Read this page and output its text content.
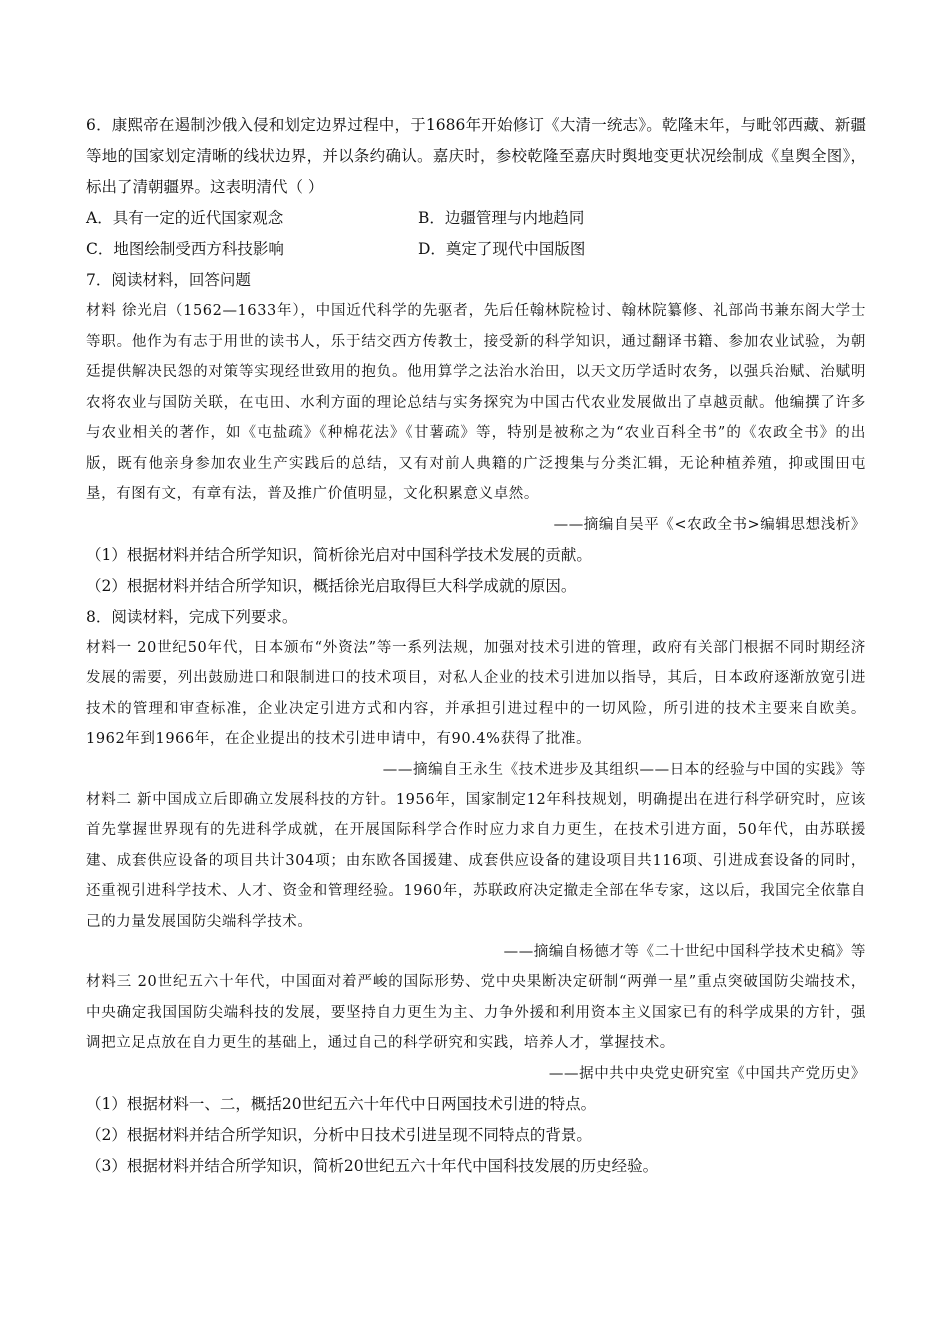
6．康熙帝在遏制沙俄入侵和划定边界过程中，于1686年开始修订《大清一统志》。乾隆末年，与毗邻西藏、新疆等地的国家划定清晰的线状边界，并以条约确认。嘉庆时，参校乾隆至嘉庆时舆地变更状况绘制成《皇舆全图》，标出了清朝疆界。这表明清代（ ）

A．具有一定的近代国家观念	B．边疆管理与内地趋同
C．地图绘制受西方科技影响	D．奠定了现代中国版图

7．阅读材料，回答问题

材料 徐光启（1562—1633年），中国近代科学的先驱者，先后任翰林院检讨、翰林院纂修、礼部尚书兼东阁大学士等职。他作为有志于用世的读书人，乐于结交西方传教士，接受新的科学知识，通过翻译书籍、参加农业试验，为朝廷提供解决民怨的对策等实现经世致用的抱负。他用算学之法治水治田，以天文历学适时农务，以强兵治赋、治赋明农将农业与国防关联，在屯田、水利方面的理论总结与实务探究为中国古代农业发展做出了卓越贡献。他编撰了许多与农业相关的著作，如《屯盐疏》《种棉花法》《甘薯疏》等，特别是被称之为“农业百科全书”的《农政全书》的出版，既有他亲身参加农业生产实践后的总结，又有对前人典籍的广泛搜集与分类汇辑，无论种植养殖，抑或围田屯垦，有图有文，有章有法，普及推广价值明显，文化积累意义卓然。

——摘编自吴平《<农政全书>编辑思想浅析》

（1）根据材料并结合所学知识，简析徐光启对中国科学技术发展的贡献。

（2）根据材料并结合所学知识，概括徐光启取得巨大科学成就的原因。

8．阅读材料，完成下列要求。

材料一 20世纪50年代，日本颁布“外资法”等一系列法规，加强对技术引进的管理，政府有关部门根据不同时期经济发展的需要，列出鼓励进口和限制进口的技术项目，对私人企业的技术引进加以指导，其后，日本政府逐渐放宽引进技术的管理和审查标准，企业决定引进方式和内容，并承担引进过程中的一切风险，所引进的技术主要来自欧美。1962年到1966年，在企业提出的技术引进申请中，有90.4%获得了批准。

——摘编自王永生《技术进步及其组织——日本的经验与中国的实践》等

材料二 新中国成立后即确立发展科技的方针。1956年，国家制定12年科技规划，明确提出在进行科学研究时，应该首先掌握世界现有的先进科学成就，在开展国际科学合作时应力求自力更生，在技术引进方面，50年代，由苏联援建、成套供应设备的项目共计304项；由东欧各国援建、成套供应设备的建设项目共116项、引进成套设备的同时，还重视引进科学技术、人才、资金和管理经验。1960年，苏联政府决定撤走全部在华专家，这以后，我国完全依靠自己的力量发展国防尖端科学技术。

——摘编自杨德才等《二十世纪中国科学技术史稿》等

材料三 20世纪五六十年代，中国面对着严峻的国际形势、党中央果断决定研制“两弹一星”重点突破国防尖端技术，中央确定我国国防尖端科技的发展，要坚持自力更生为主、力争外援和利用资本主义国家已有的科学成果的方针，强调把立足点放在自力更生的基础上，通过自己的科学研究和实践，培养人才，掌握技术。

——据中共中央党史研究室《中国共产党历史》

（1）根据材料一、二，概括20世纪五六十年代中日两国技术引进的特点。

（2）根据材料并结合所学知识，分析中日技术引进呈现不同特点的背景。

（3）根据材料并结合所学知识，简析20世纪五六十年代中国科技发展的历史经验。
